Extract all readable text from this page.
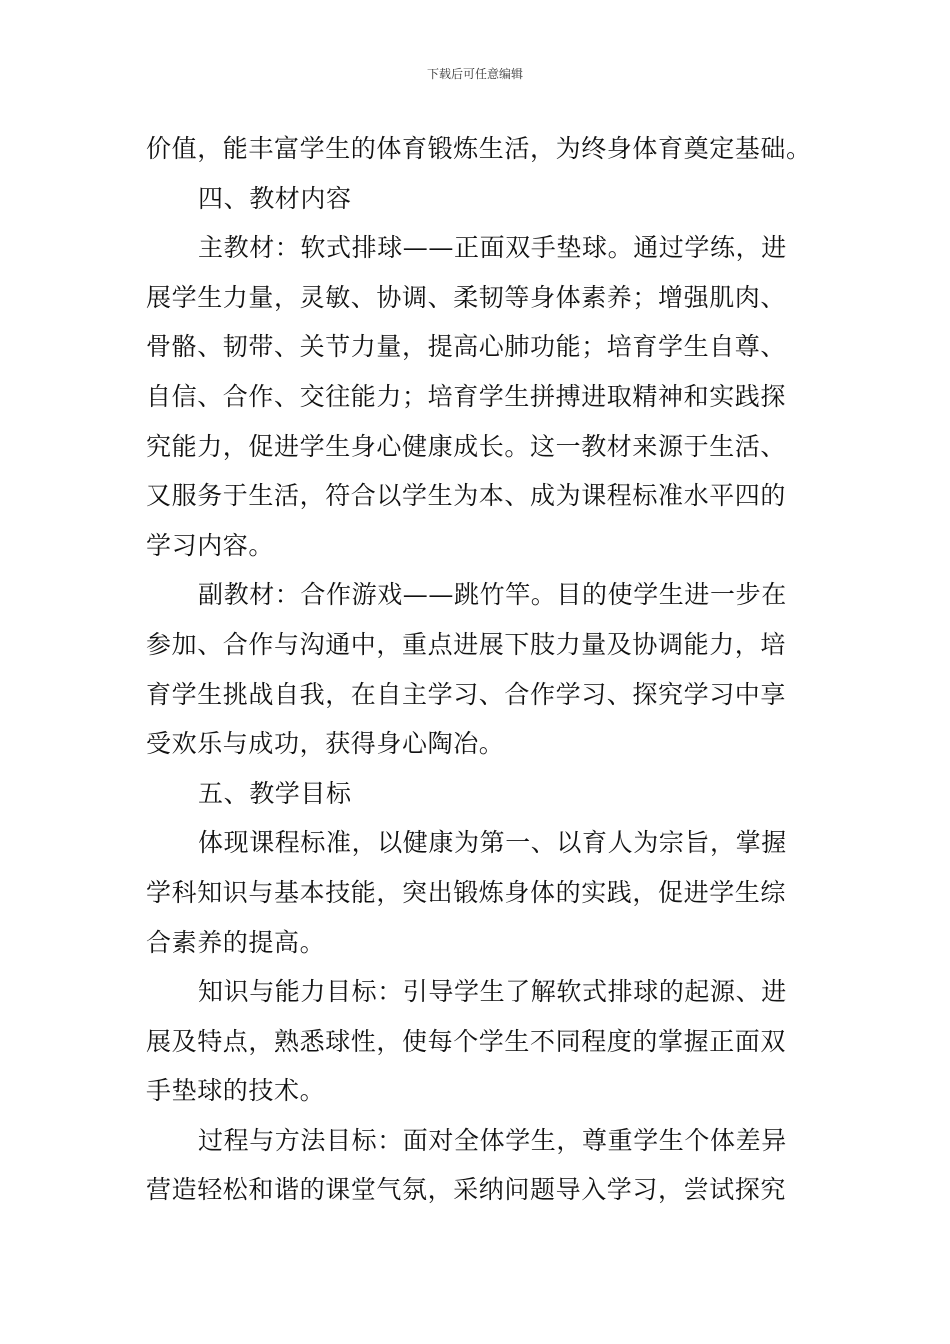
下载后可任意编辑
价值，能丰富学生的体育锻炼生活，为终身体育奠定基础。
四、教材内容
主教材：软式排球——正面双手垫球。通过学练，进
展学生力量，灵敏、协调、柔韧等身体素养；增强肌肉、
骨骼、韧带、关节力量，提高心肺功能；培育学生自尊、
自信、合作、交往能力；培育学生拼搏进取精神和实践探
究能力，促进学生身心健康成长。这一教材来源于生活、
又服务于生活，符合以学生为本、成为课程标准水平四的
学习内容。
副教材：合作游戏——跳竹竿。目的使学生进一步在
参加、合作与沟通中，重点进展下肢力量及协调能力，培
育学生挑战自我，在自主学习、合作学习、探究学习中享
受欢乐与成功，获得身心陶冶。
五、教学目标
体现课程标准，以健康为第一、以育人为宗旨，掌握
学科知识与基本技能，突出锻炼身体的实践，促进学生综
合素养的提高。
知识与能力目标：引导学生了解软式排球的起源、进
展及特点，熟悉球性，使每个学生不同程度的掌握正面双
手垫球的技术。
过程与方法目标：面对全体学生，尊重学生个体差异
营造轻松和谐的课堂气氛，采纳问题导入学习，尝试探究
